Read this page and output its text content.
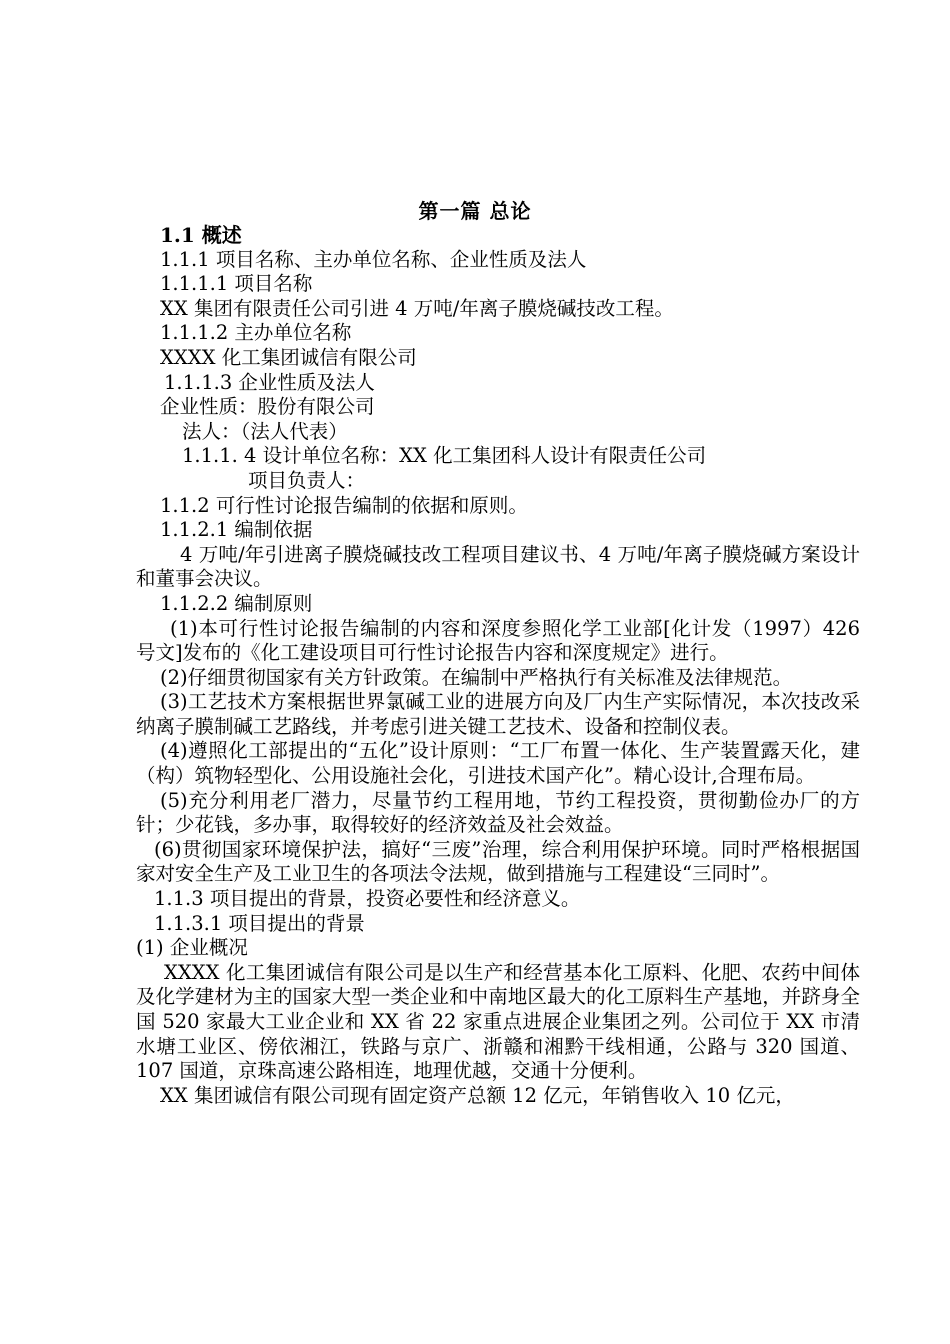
第一篇 总论
1.1 概述
1.1.1 项目名称、主办单位名称、企业性质及法人
1.1.1.1 项目名称
XX 集团有限责任公司引进 4 万吨/年离子膜烧碱技改工程。
1.1.1.2 主办单位名称
XXXX 化工集团诚信有限公司
1.1.1.3 企业性质及法人
企业性质：股份有限公司
法人：（法人代表）
1.1.1. 4 设计单位名称：XX 化工集团科人设计有限责任公司
项目负责人：
1.1.2 可行性讨论报告编制的依据和原则。
1.1.2.1 编制依据
4 万吨/年引进离子膜烧碱技改工程项目建议书、4 万吨/年离子膜烧碱方案设计和董事会决议。
1.1.2.2 编制原则
(1)本可行性讨论报告编制的内容和深度参照化学工业部[化计发（1997）426 号文]发布的《化工建设项目可行性讨论报告内容和深度规定》进行。
(2)仔细贯彻国家有关方针政策。在编制中严格执行有关标准及法律规范。
(3)工艺技术方案根据世界氯碱工业的进展方向及厂内生产实际情况，本次技改采纳离子膜制碱工艺路线，并考虑引进关键工艺技术、设备和控制仪表。
(4)遵照化工部提出的“五化”设计原则：“工厂布置一体化、生产装置露天化，建（构）筑物轻型化、公用设施社会化，引进技术国产化”。精心设计,合理布局。
(5)充分利用老厂潜力，尽量节约工程用地，节约工程投资，贯彻勤俭办厂的方针；少花钱，多办事，取得较好的经济效益及社会效益。
(6)贯彻国家环境保护法，搞好“三废”治理，综合利用保护环境。同时严格根据国家对安全生产及工业卫生的各项法令法规，做到措施与工程建设“三同时”。
1.1.3 项目提出的背景，投资必要性和经济意义。
1.1.3.1 项目提出的背景
(1) 企业概况
XXXX 化工集团诚信有限公司是以生产和经营基本化工原料、化肥、农药中间体及化学建材为主的国家大型一类企业和中南地区最大的化工原料生产基地，并跻身全国 520 家最大工业企业和 XX 省 22 家重点进展企业集团之列。公司位于 XX 市清水塘工业区、傍依湘江，铁路与京广、浙赣和湘黔干线相通，公路与 320 国道、107 国道，京珠高速公路相连，地理优越，交通十分便利。
XX 集团诚信有限公司现有固定资产总额 12 亿元，年销售收入 10 亿元，
